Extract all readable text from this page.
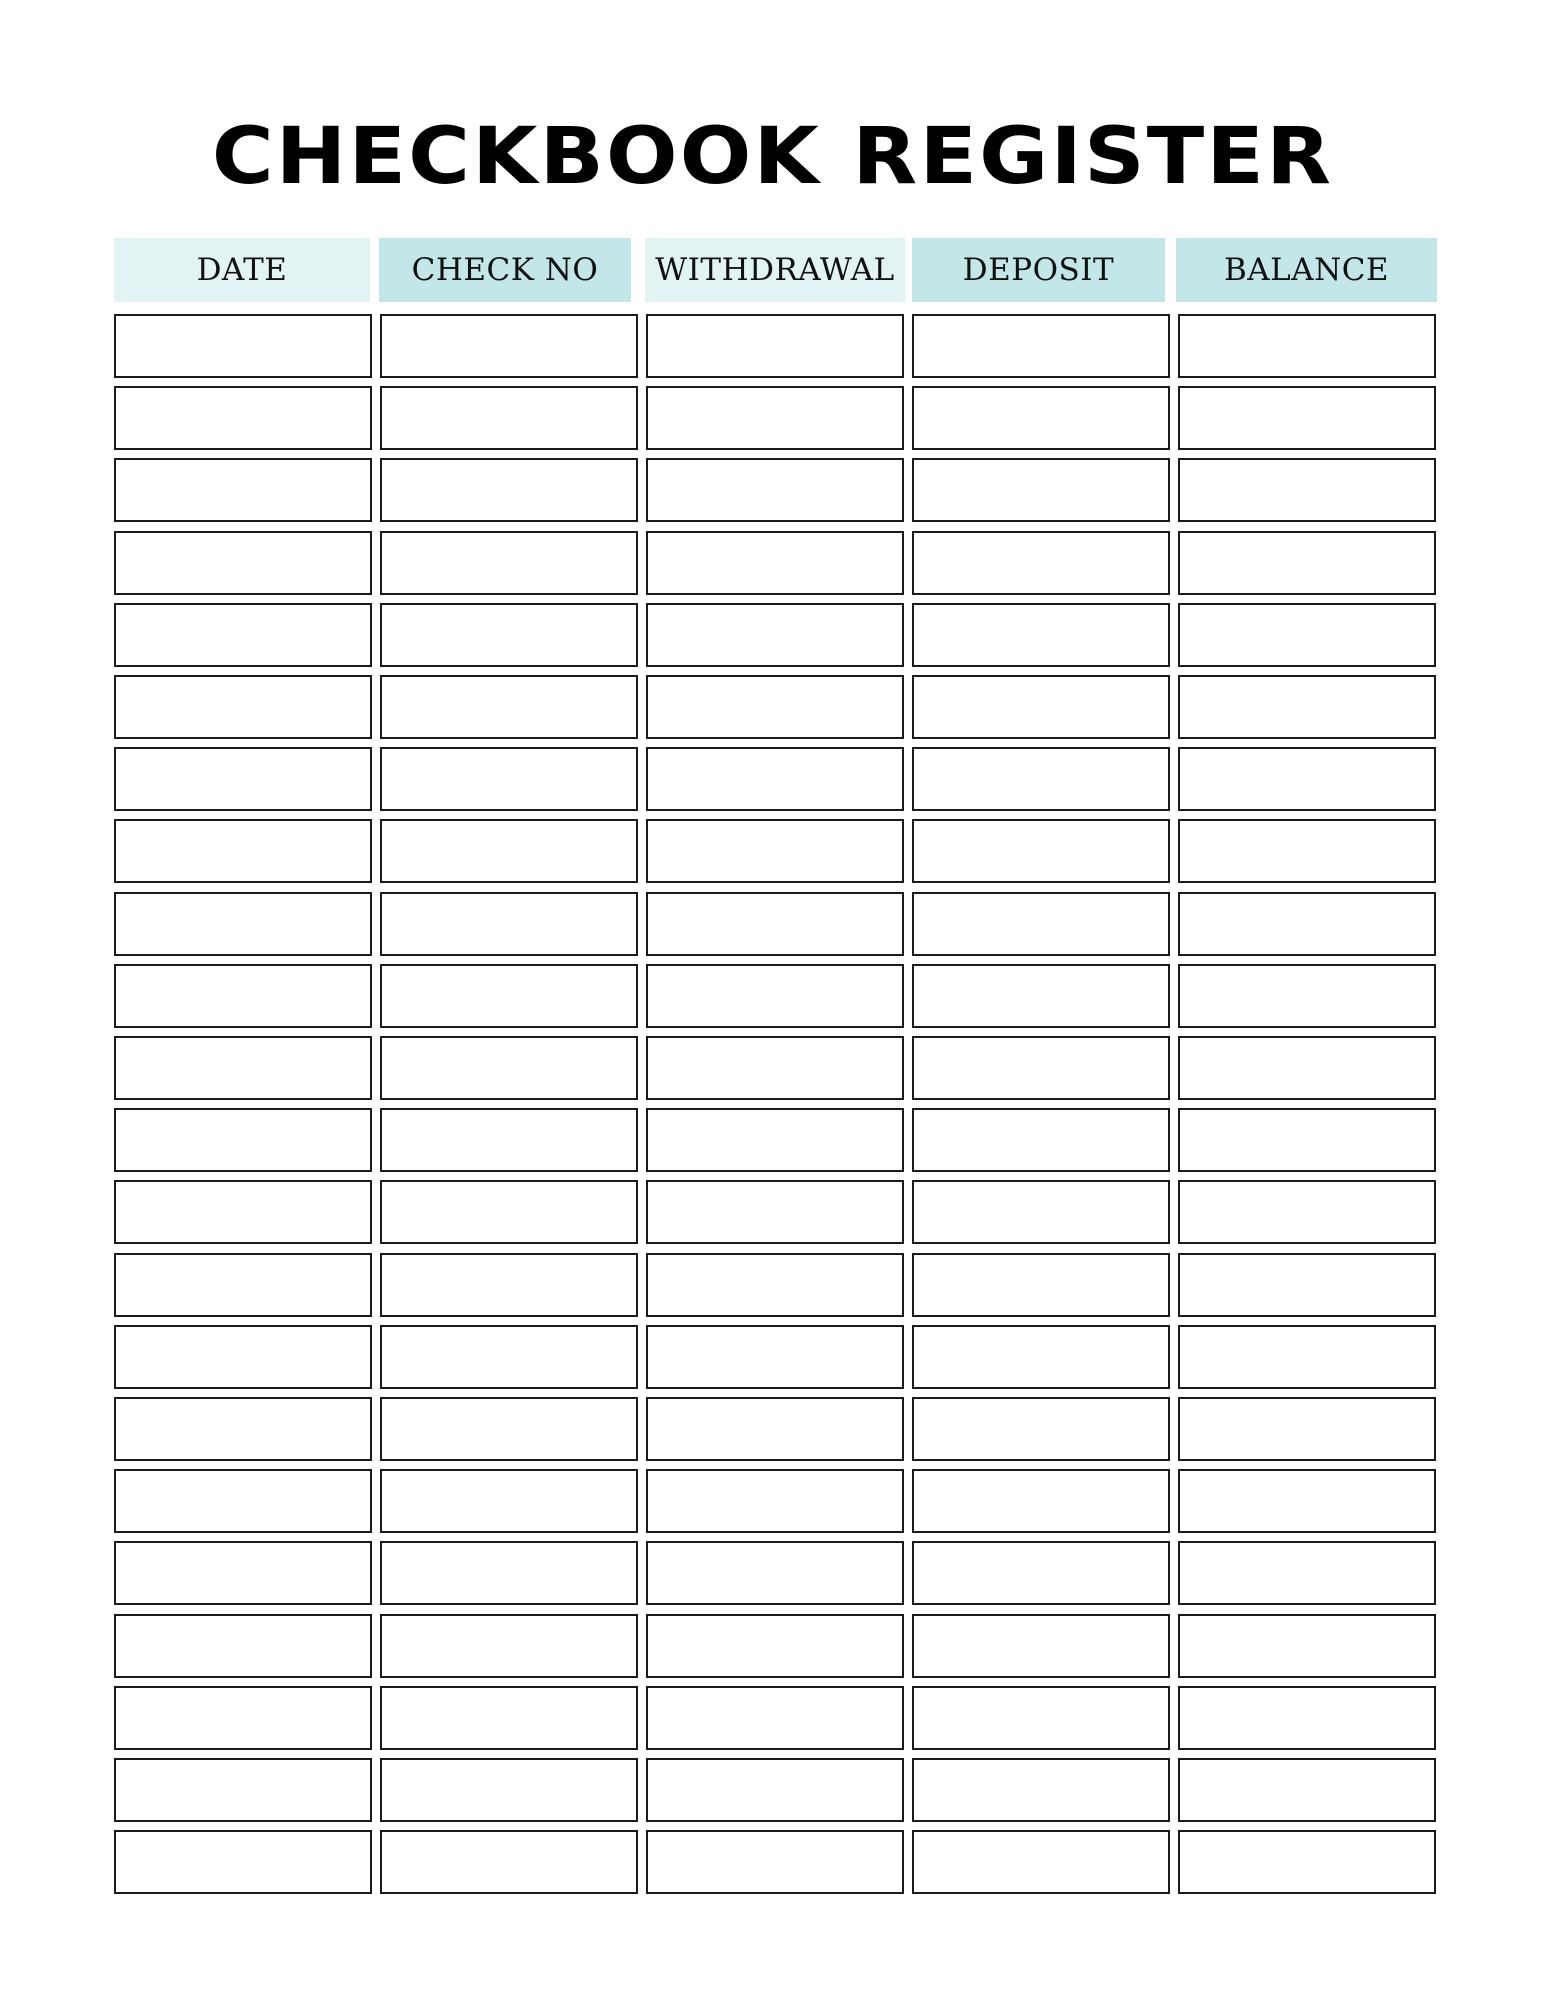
CHECKBOOK REGISTER
DATE	CHECK NO	WITHDRAWAL	DEPOSIT	BALANCE
